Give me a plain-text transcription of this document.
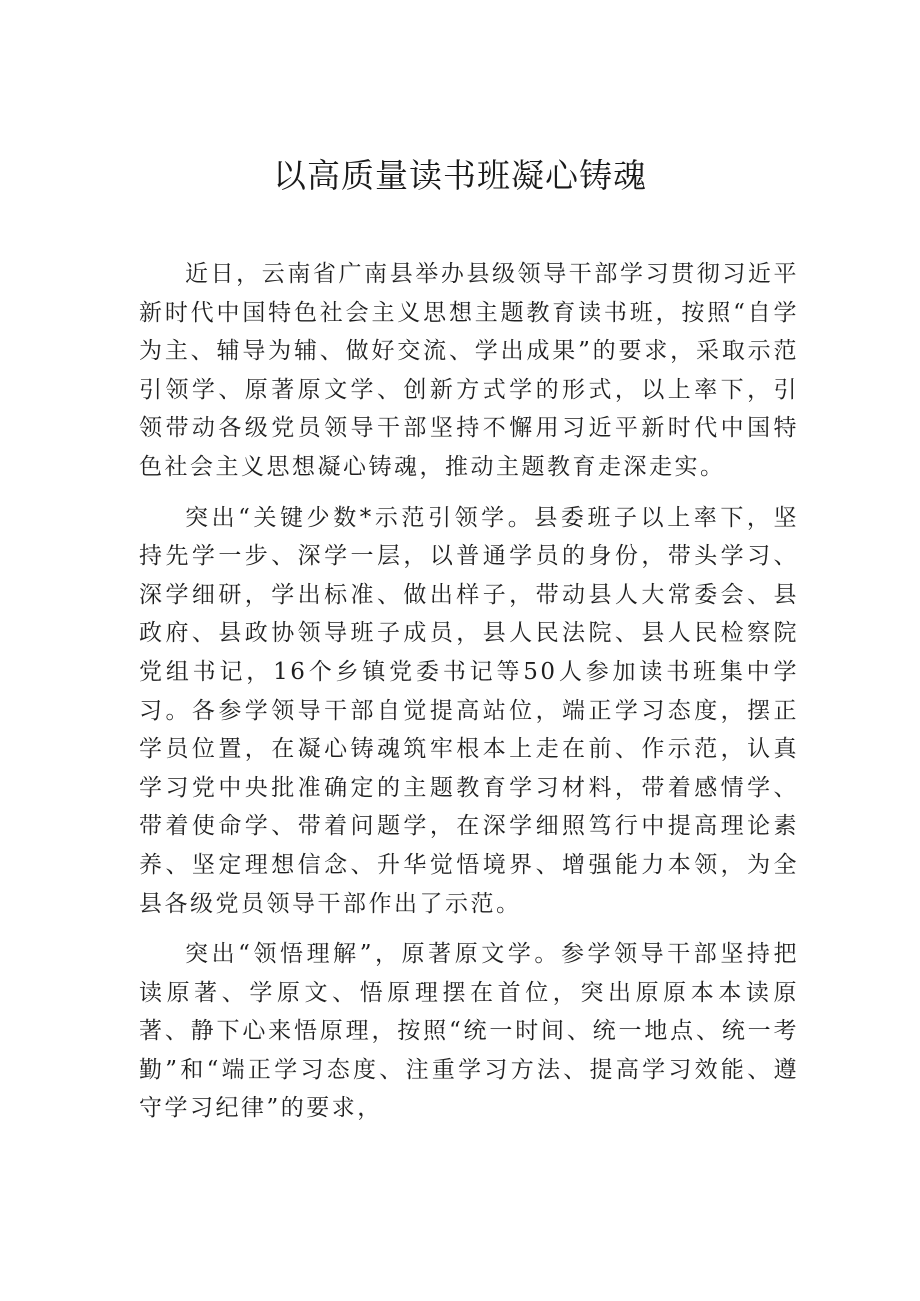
以高质量读书班凝心铸魂

近日，云南省广南县举办县级领导干部学习贯彻习近平新时代中国特色社会主义思想主题教育读书班，按照“自学为主、辅导为辅、做好交流、学出成果”的要求，采取示范引领学、原著原文学、创新方式学的形式，以上率下，引领带动各级党员领导干部坚持不懈用习近平新时代中国特色社会主义思想凝心铸魂，推动主题教育走深走实。

突出“关键少数*示范引领学。县委班子以上率下，坚持先学一步、深学一层，以普通学员的身份，带头学习、深学细研，学出标准、做出样子，带动县人大常委会、县政府、县政协领导班子成员，县人民法院、县人民检察院党组书记，16个乡镇党委书记等50人参加读书班集中学习。各参学领导干部自觉提高站位，端正学习态度，摆正学员位置，在凝心铸魂筑牢根本上走在前、作示范，认真学习党中央批准确定的主题教育学习材料，带着感情学、带着使命学、带着问题学，在深学细照笃行中提高理论素养、坚定理想信念、升华觉悟境界、增强能力本领，为全县各级党员领导干部作出了示范。

突出“领悟理解”，原著原文学。参学领导干部坚持把读原著、学原文、悟原理摆在首位，突出原原本本读原著、静下心来悟原理，按照“统一时间、统一地点、统一考勤”和“端正学习态度、注重学习方法、提高学习效能、遵守学习纪律”的要求，
